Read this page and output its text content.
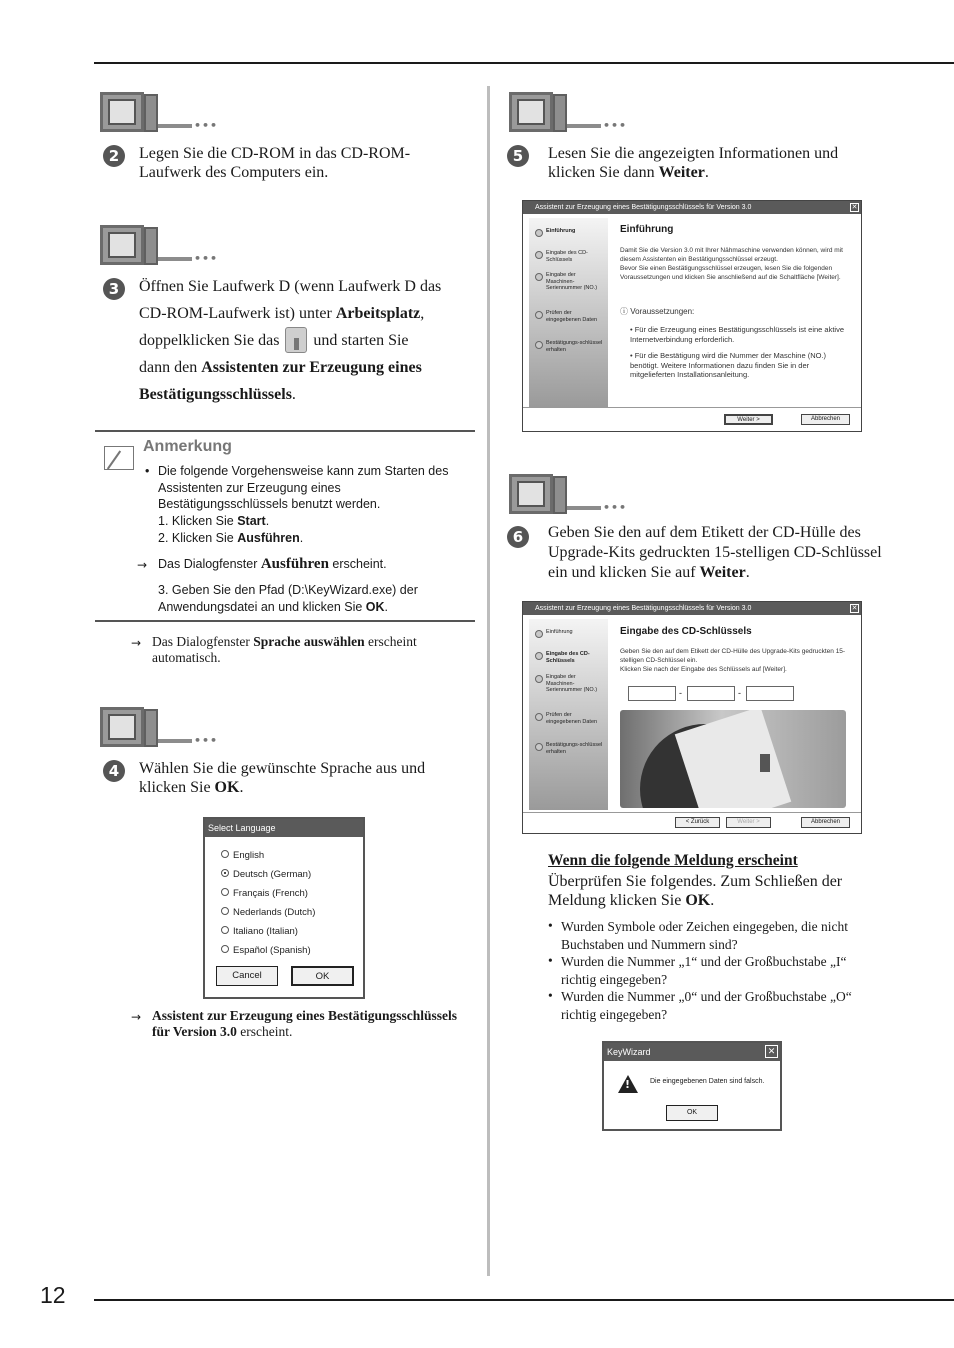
•••
2	Legen Sie die CD-ROM in das CD-ROM-Laufwerk des Computers ein.
•••
3	Öffnen Sie Laufwerk D (wenn Laufwerk D das
CD-ROM-Laufwerk ist) unter Arbeitsplatz,
doppelklicken Sie das  und starten Sie
dann den Assistenten zur Erzeugung eines
Bestätigungsschlüssels.
Anmerkung
• Die folgende Vorgehensweise kann zum Starten des Assistenten zur Erzeugung eines Bestätigungsschlüssels benutzt werden.
1. Klicken Sie Start.
2. Klicken Sie Ausführen.
→ Das Dialogfenster Ausführen erscheint.
3. Geben Sie den Pfad (D:\KeyWizard.exe) der Anwendungsdatei an und klicken Sie OK.
→ Das Dialogfenster Sprache auswählen erscheint automatisch.
•••
4	Wählen Sie die gewünschte Sprache aus und klicken Sie OK.
Select Language
English
Deutsch (German)
Français (French)
Nederlands (Dutch)
Italiano (Italian)
Español (Spanish)
Cancel	OK
→ Assistent zur Erzeugung eines Bestätigungsschlüssels für Version 3.0 erscheint.
•••
5	Lesen Sie die angezeigten Informationen und klicken Sie dann Weiter.
Assistent zur Erzeugung eines Bestätigungsschlüssels für Version 3.0	✕
Einführung
Eingabe des CD-Schlüssels
Eingabe der Maschinen-Seriennummer (NO.)
Prüfen der eingegebenen Daten
Bestätigungs-schlüssel erhalten
Einführung
Damit Sie die Version 3.0 mit Ihrer Nähmaschine verwenden können, wird mit diesem Assistenten ein Bestätigungsschlüssel erzeugt.
Bevor Sie einen Bestätigungsschlüssel erzeugen, lesen Sie die folgenden Voraussetzungen und klicken Sie anschließend auf die Schaltfläche [Weiter].
ⓘ Voraussetzungen:
• Für die Erzeugung eines Bestätigungsschlüssels ist eine aktive Internetverbindung erforderlich.
• Für die Bestätigung wird die Nummer der Maschine (NO.) benötigt. Weitere Informationen dazu finden Sie in der mitgelieferten Installationsanleitung.
Weiter >	Abbrechen
•••
6	Geben Sie den auf dem Etikett der CD-Hülle des Upgrade-Kits gedruckten 15-stelligen CD-Schlüssel ein und klicken Sie auf Weiter.
Assistent zur Erzeugung eines Bestätigungsschlüssels für Version 3.0	✕
Einführung
Eingabe des CD-Schlüssels
Eingabe der Maschinen-Seriennummer (NO.)
Prüfen der eingegebenen Daten
Bestätigungs-schlüssel erhalten
Eingabe des CD-Schlüssels
Geben Sie den auf dem Etikett der CD-Hülle des Upgrade-Kits gedruckten 15-stelligen CD-Schlüssel ein.
Klicken Sie nach der Eingabe des Schlüssels auf [Weiter].
-	-
< Zurück	Weiter >	Abbrechen
Wenn die folgende Meldung erscheint
Überprüfen Sie folgendes. Zum Schließen der Meldung klicken Sie OK.
• Wurden Symbole oder Zeichen eingegeben, die nicht Buchstaben und Nummern sind?
• Wurden die Nummer „1“ und der Großbuchstabe „I“ richtig eingegeben?
• Wurden die Nummer „0“ und der Großbuchstabe „O“ richtig eingegeben?
KeyWizard	✕
!
Die eingegebenen Daten sind falsch.
OK
12
